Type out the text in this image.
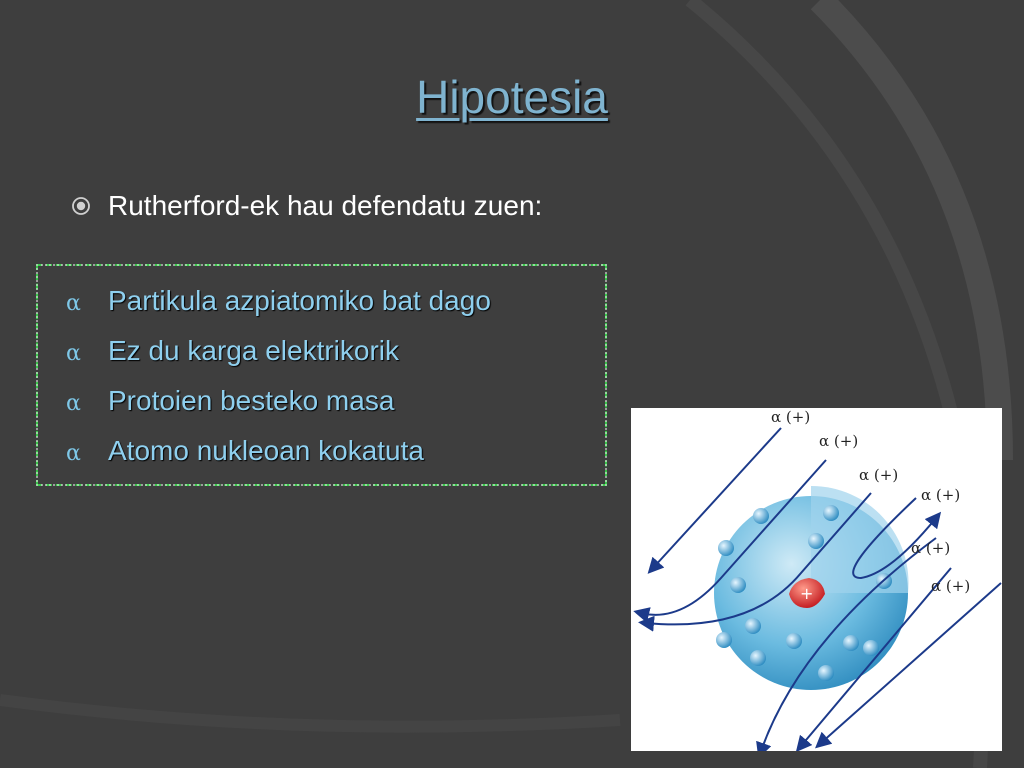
Hipotesia
Rutherford-ek hau defendatu zuen:
α Partikula azpiatomiko bat dago
α Ez du karga elektrikorik
α Protoien besteko masa
α Atomo nukleoan kokatuta
+
α (+)
α (+)
α (+)
α (+)
α (+)
α (+)
